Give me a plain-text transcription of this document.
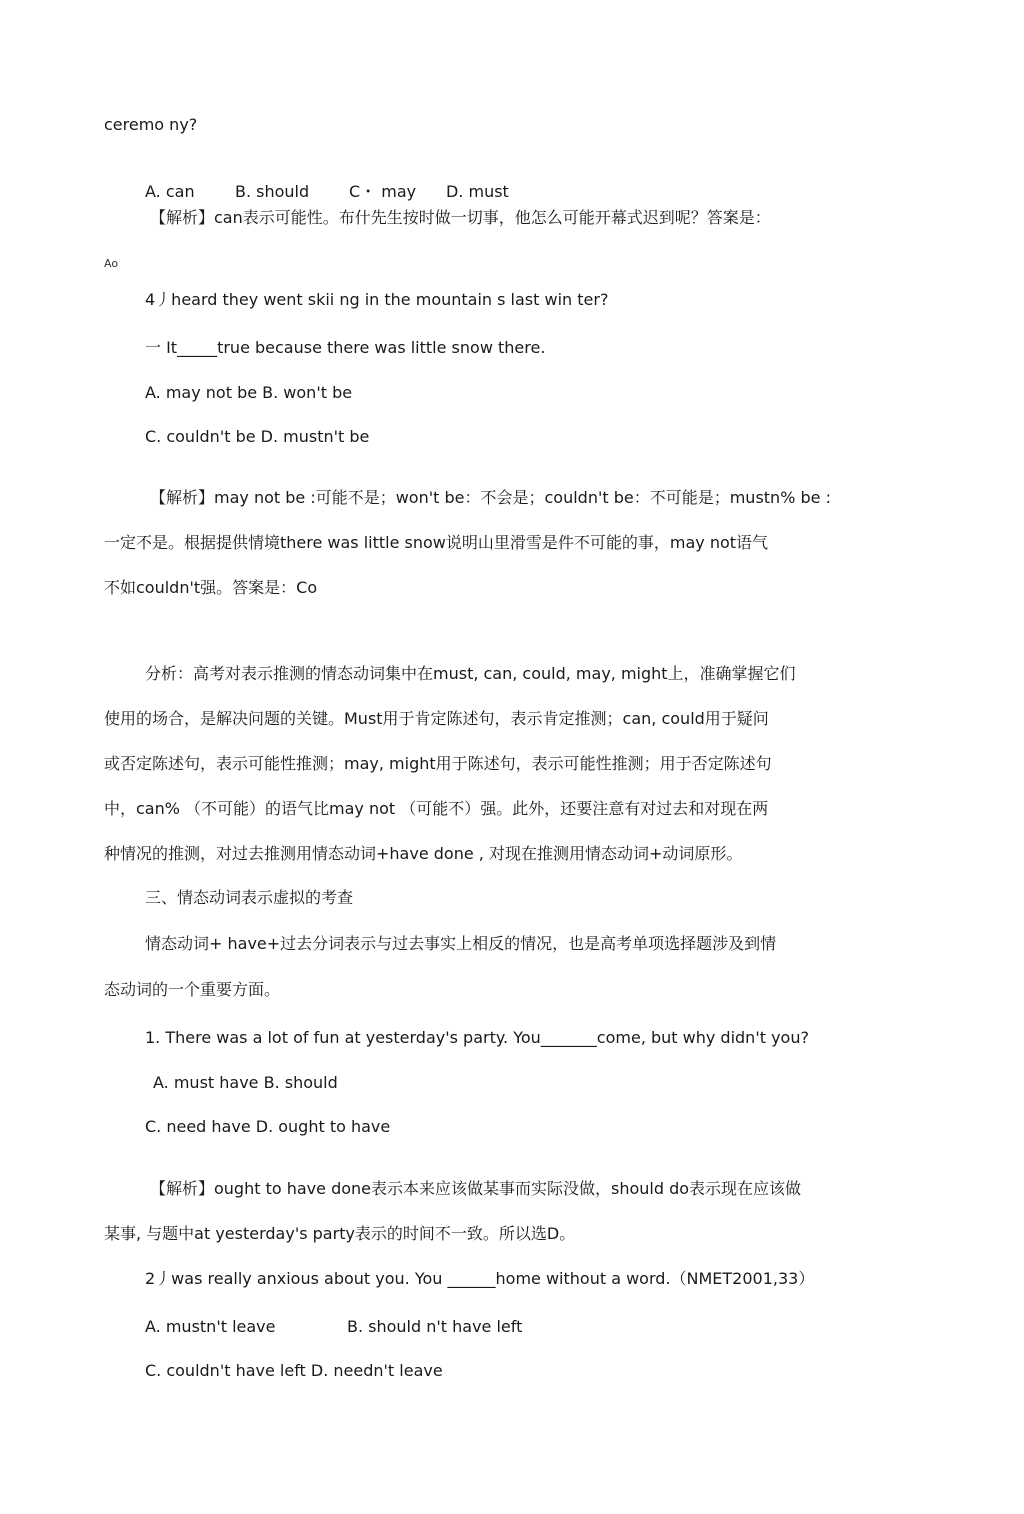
ceremo ny?
A. can	B. should C・ may D. must
【解析】can表示可能性。布什先生按时做一切事，他怎么可能开幕式迟到呢？答案是：
Ao
4丿heard they went skii ng in the mountain s last win ter?
一 It_____true because there was little snow there.
A. may not be B. won't be
C. couldn't be D. mustn't be
【解析】may not be :可能不是；won't be：不会是；couldn't be：不可能是；mustn% be :
一定不是。根据提供情境there was little snow说明山里滑雪是件不可能的事，may not语气
不如couldn't强。答案是：Co
分析：高考对表示推测的情态动词集中在must, can, could, may, might上，准确掌握它们
使用的场合，是解决问题的关键。Must用于肯定陈述句，表示肯定推测；can, could用于疑问
或否定陈述句，表示可能性推测；may, might用于陈述句，表示可能性推测；用于否定陈述句
中，can% （不可能）的语气比may not （可能不）强。此外，还要注意有对过去和对现在两
种情况的推测，对过去推测用情态动词+have done , 对现在推测用情态动词+动词原形。
三、情态动词表示虚拟的考查
情态动词+ have+过去分词表示与过去事实上相反的情况，也是高考单项选择题涉及到情
态动词的一个重要方面。
1. There was a lot of fun at yesterday's party. You_______come, but why didn't you?
A. must have B. should
C. need have D. ought to have
【解析】ought to have done表示本来应该做某事而实际没做，should do表示现在应该做
某事, 与题中at yesterday's party表示的时间不一致。所以选D。
2丿was really anxious about you. You ______home without a word.（NMET2001,33）
A. mustn't leave	B. should n't have left
C. couldn't have left D. needn't leave
